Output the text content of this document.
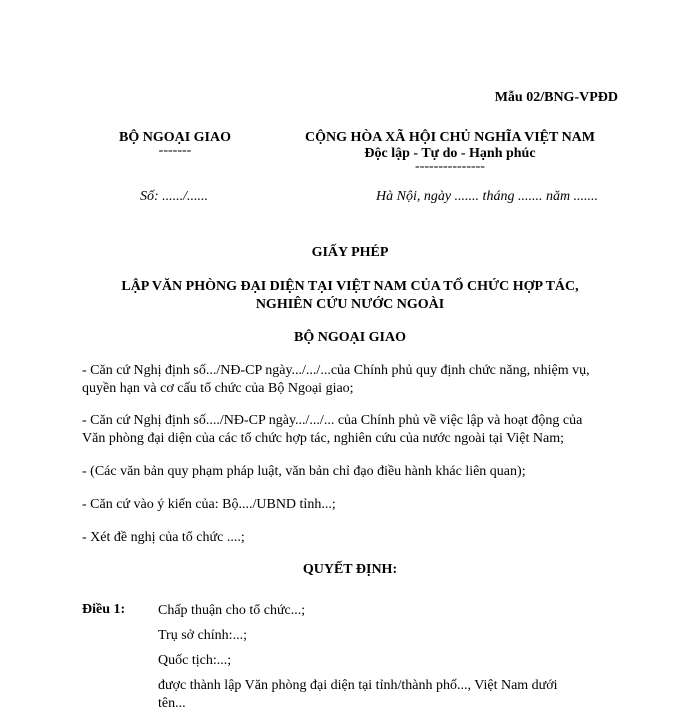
Mẫu 02/BNG-VPĐD
BỘ NGOẠI GIAO
-------
CỘNG HÒA XÃ HỘI CHỦ NGHĨA VIỆT NAM
Độc lập - Tự do - Hạnh phúc
---------------
Số: ....../......	Hà Nội, ngày ....... tháng ....... năm .......
GIẤY PHÉP
LẬP VĂN PHÒNG ĐẠI DIỆN TẠI VIỆT NAM CỦA TỔ CHỨC HỢP TÁC,
NGHIÊN CỨU NƯỚC NGOÀI
BỘ NGOẠI GIAO
- Căn cứ Nghị định số.../NĐ-CP ngày.../.../...của Chính phủ quy định chức năng, nhiệm vụ, quyền hạn và cơ cấu tổ chức của Bộ Ngoại giao;
- Căn cứ Nghị định số..../NĐ-CP ngày.../.../... của Chính phủ về việc lập và hoạt động của Văn phòng đại diện của các tổ chức hợp tác, nghiên cứu của nước ngoài tại Việt Nam;
- (Các văn bản quy phạm pháp luật, văn bản chỉ đạo điều hành khác liên quan);
- Căn cứ vào ý kiến của: Bộ..../UBND tỉnh...;
- Xét đề nghị của tổ chức ....;
QUYẾT ĐỊNH:
Điều 1: Chấp thuận cho tổ chức...;
Trụ sở chính:...;
Quốc tịch:...;
được thành lập Văn phòng đại diện tại tỉnh/thành phố..., Việt Nam dưới tên...
